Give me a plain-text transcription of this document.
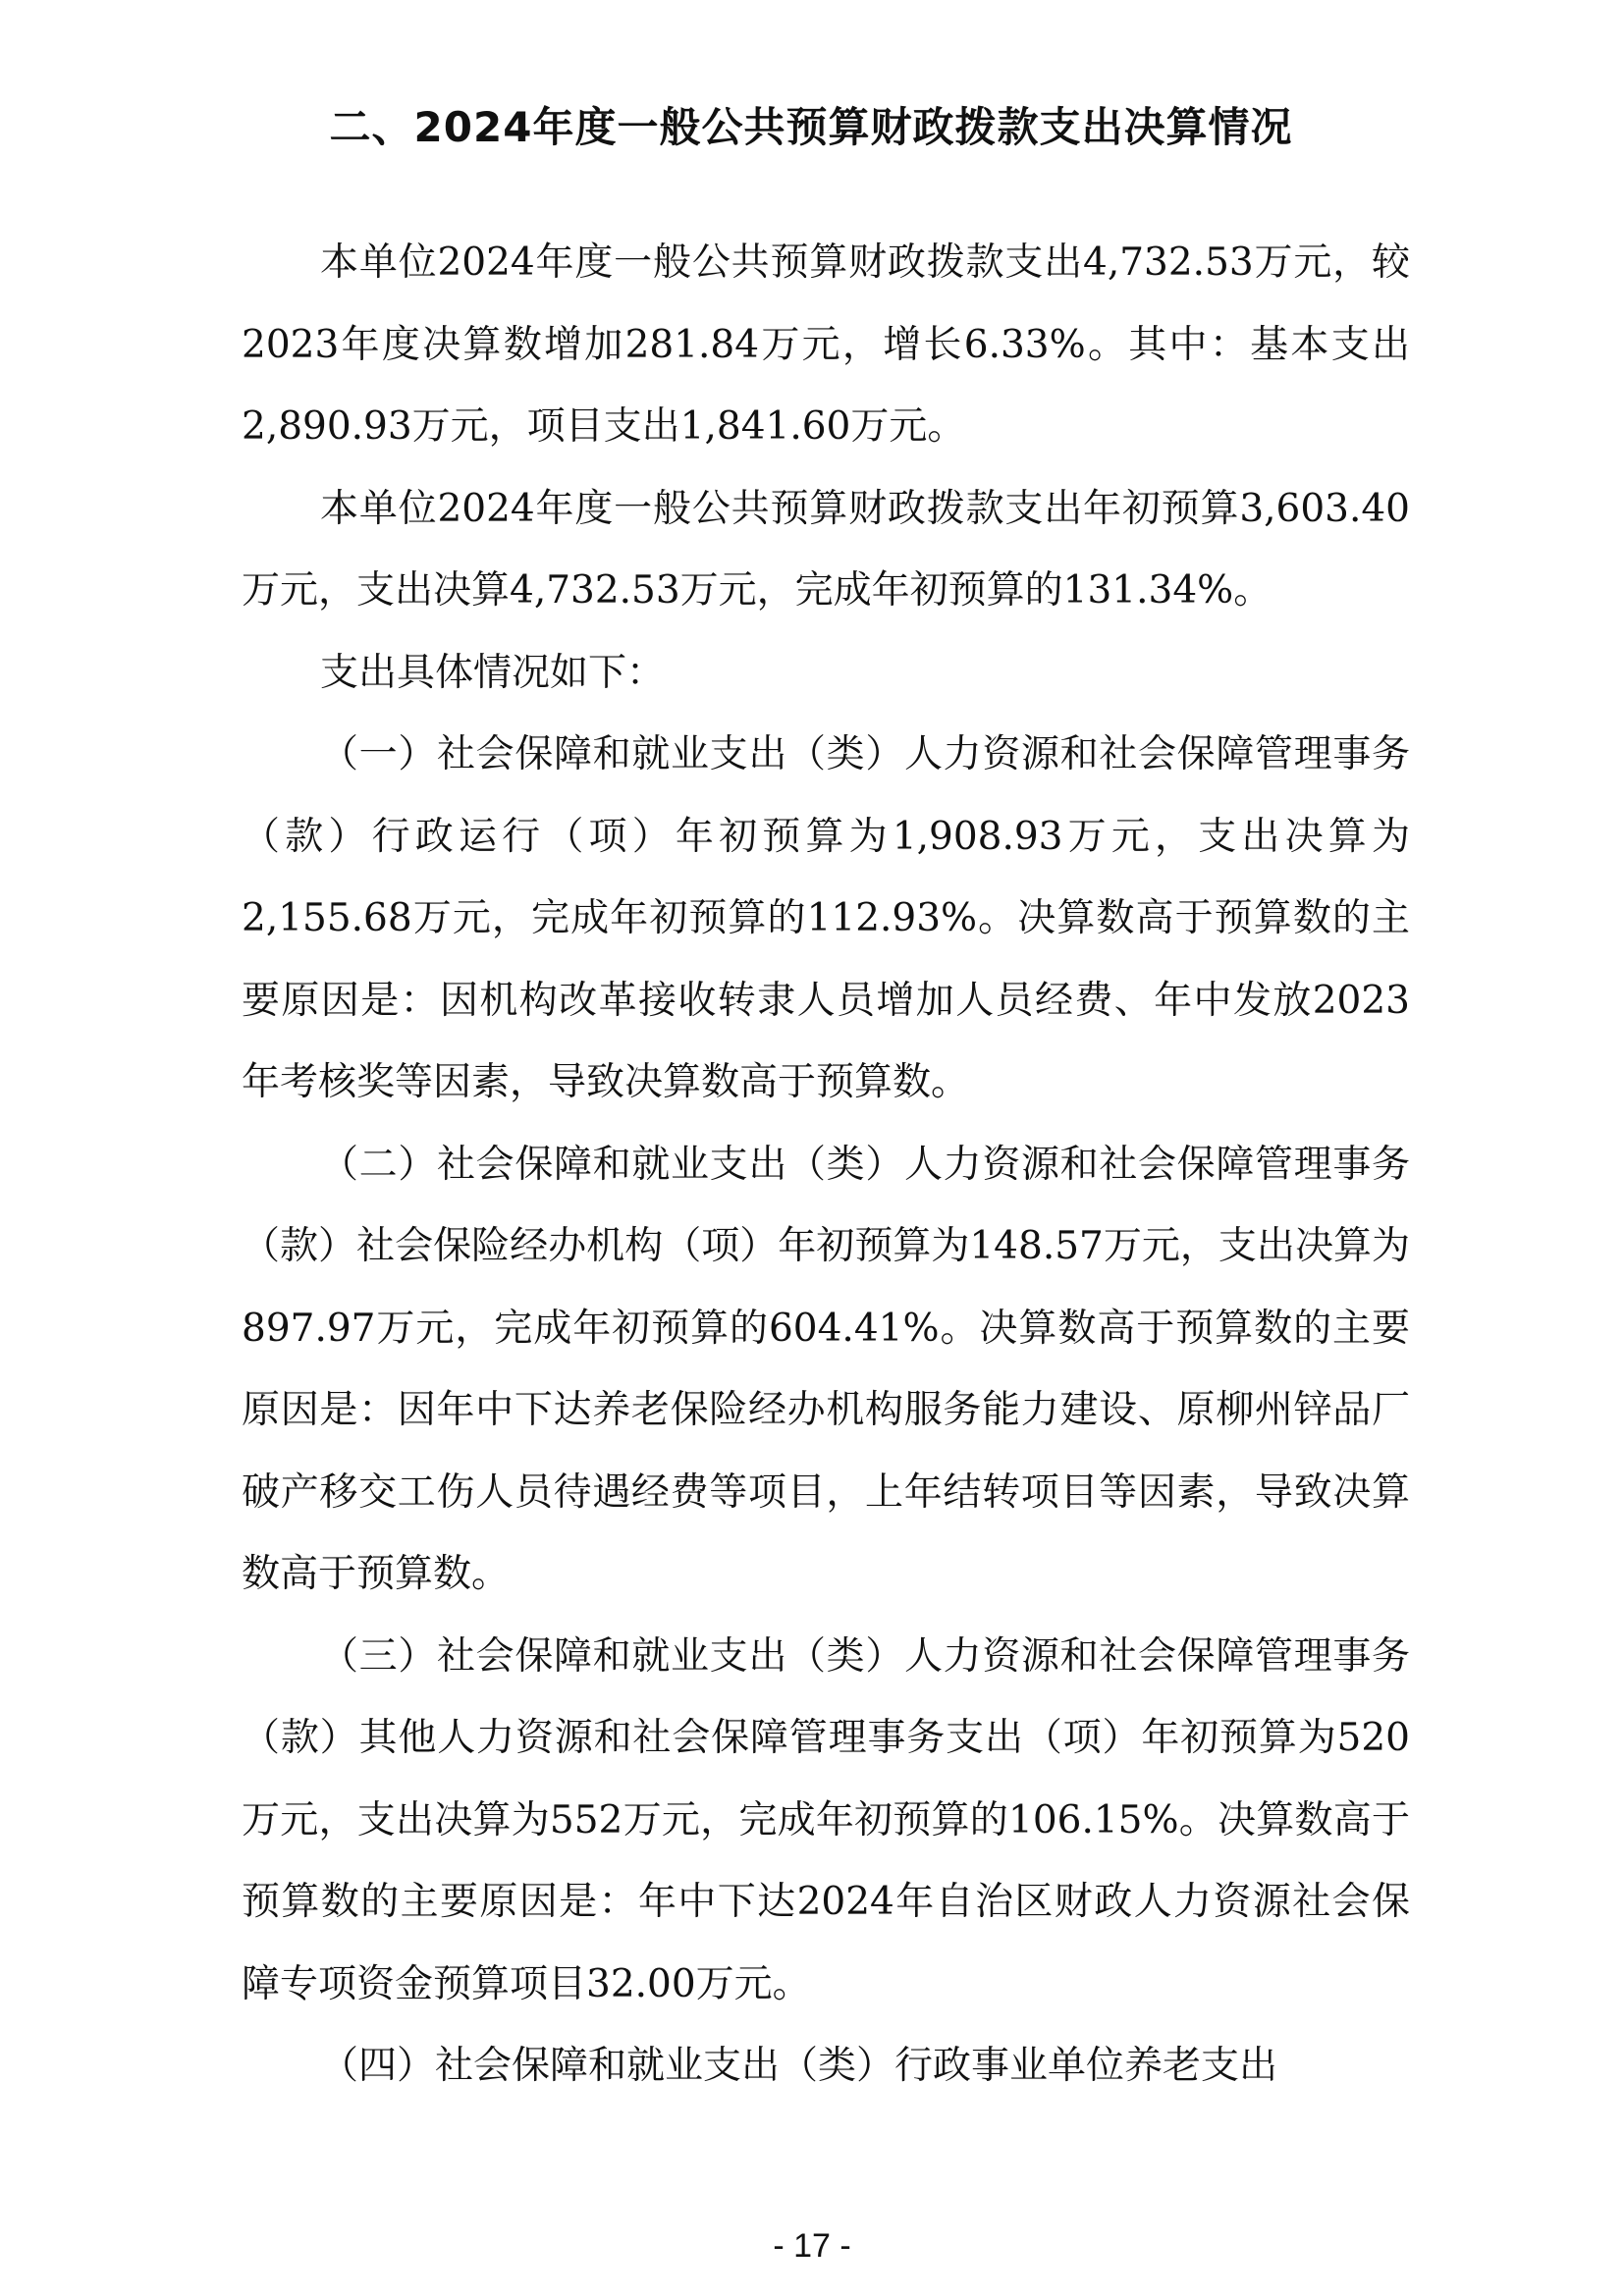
二、2024年度一般公共预算财政拨款支出决算情况

本单位2024年度一般公共预算财政拨款支出4,732.53万元，较2023年度决算数增加281.84万元，增长6.33%。其中：基本支出2,890.93万元，项目支出1,841.60万元。

本单位2024年度一般公共预算财政拨款支出年初预算3,603.40万元，支出决算4,732.53万元，完成年初预算的131.34%。

支出具体情况如下：

（一）社会保障和就业支出（类）人力资源和社会保障管理事务（款）行政运行（项）年初预算为1,908.93万元，支出决算为2,155.68万元，完成年初预算的112.93%。决算数高于预算数的主要原因是：因机构改革接收转隶人员增加人员经费、年中发放2023年考核奖等因素，导致决算数高于预算数。

（二）社会保障和就业支出（类）人力资源和社会保障管理事务（款）社会保险经办机构（项）年初预算为148.57万元，支出决算为897.97万元，完成年初预算的604.41%。决算数高于预算数的主要原因是：因年中下达养老保险经办机构服务能力建设、原柳州锌品厂破产移交工伤人员待遇经费等项目，上年结转项目等因素，导致决算数高于预算数。

（三）社会保障和就业支出（类）人力资源和社会保障管理事务（款）其他人力资源和社会保障管理事务支出（项）年初预算为520万元，支出决算为552万元，完成年初预算的106.15%。决算数高于预算数的主要原因是：年中下达2024年自治区财政人力资源社会保障专项资金预算项目32.00万元。

（四）社会保障和就业支出（类）行政事业单位养老支出

- 17 -
